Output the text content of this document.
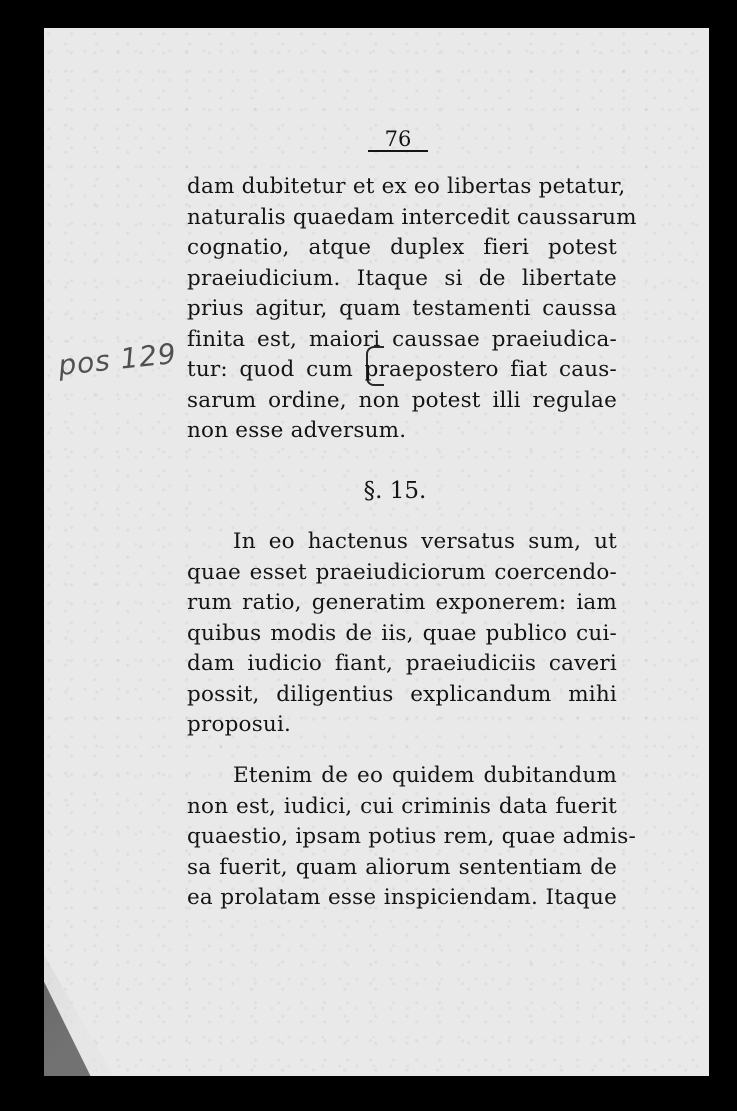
76
pos 129
dam dubitetur et ex eo libertas petatur,
naturalis quaedam intercedit caussarum
cognatio, atque duplex fieri potest
praeiudicium. Itaque si de libertate
prius agitur, quam testamenti caussa
finita est, maiori caussae praeiudica-
tur: quod cum praepostero fiat caus-
sarum ordine, non potest illi regulae
non esse adversum.
§. 15.
In eo hactenus versatus sum, ut
quae esset praeiudiciorum coercendo-
rum ratio, generatim exponerem: iam
quibus modis de iis, quae publico cui-
dam iudicio fiant, praeiudiciis caveri
possit, diligentius explicandum mihi
proposui.
Etenim de eo quidem dubitandum
non est, iudici, cui criminis data fuerit
quaestio, ipsam potius rem, quae admis-
sa fuerit, quam aliorum sententiam de
ea prolatam esse inspiciendam. Itaque
